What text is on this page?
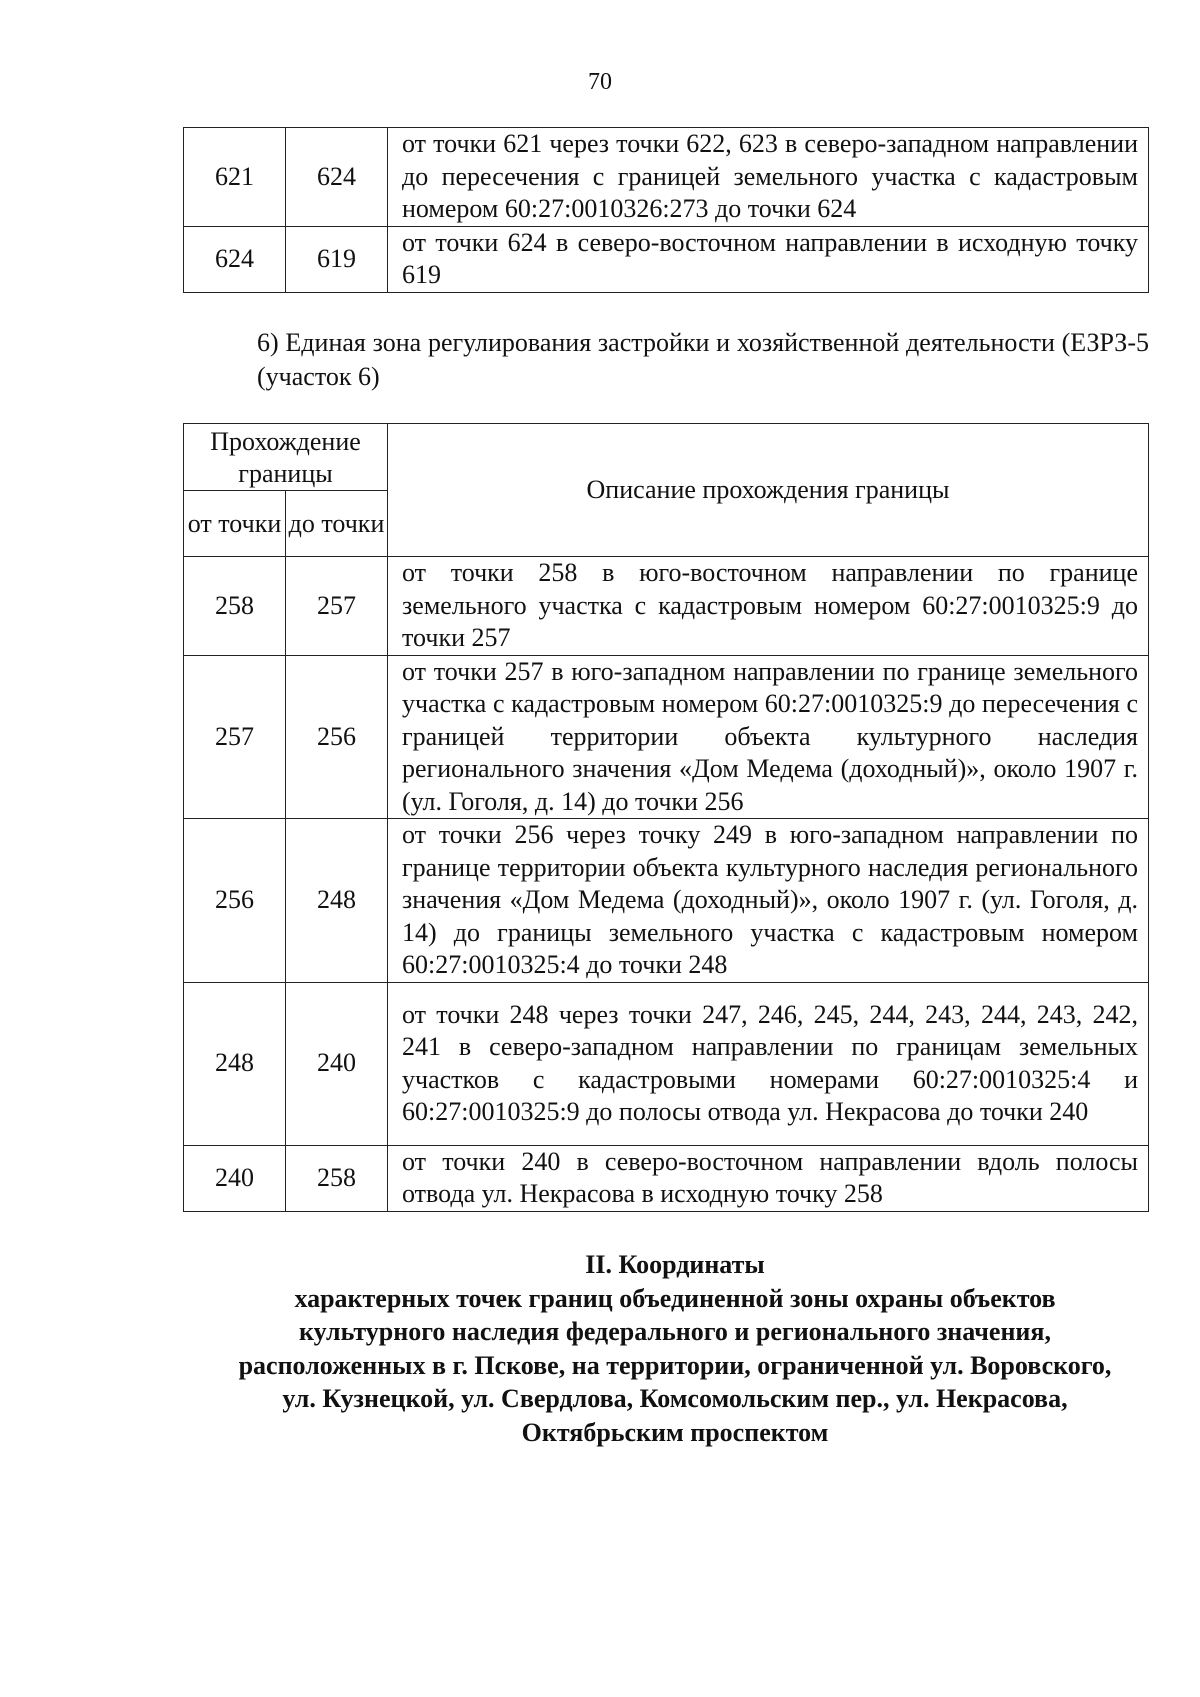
70
621	624	от точки 621 через точки 622, 623 в северо-западном направлении до пересечения с границей земельного участка с кадастровым номером 60:27:0010326:273 до точки 624
624	619	от точки 624 в северо-восточном направлении в исходную точку 619
6) Единая зона регулирования застройки и хозяйственной деятельности (ЕЗРЗ-5 (участок 6)
Прохождение границы		Описание прохождения границы
от точки	до точки	
258	257	от точки 258 в юго-восточном направлении по границе земельного участка с кадастровым номером 60:27:0010325:9 до точки 257
257	256	от точки 257 в юго-западном направлении по границе земельного участка с кадастровым номером 60:27:0010325:9 до пересечения с границей территории объекта культурного наследия регионального значения «Дом Медема (доходный)», около 1907 г. (ул. Гоголя, д. 14) до точки 256
256	248	от точки 256 через точку 249 в юго-западном направлении по границе территории объекта культурного наследия регионального значения «Дом Медема (доходный)», около 1907 г. (ул. Гоголя, д. 14) до границы земельного участка с кадастровым номером 60:27:0010325:4 до точки 248
248	240	от точки 248 через точки 247, 246, 245, 244, 243, 244, 243, 242, 241 в северо-западном направлении по границам земельных участков с кадастровыми номерами 60:27:0010325:4 и 60:27:0010325:9 до полосы отвода ул. Некрасова до точки 240
240	258	от точки 240 в северо-восточном направлении вдоль полосы отвода ул. Некрасова в исходную точку 258
II. Координаты
характерных точек границ объединенной зоны охраны объектов
культурного наследия федерального и регионального значения,
расположенных в г. Пскове, на территории, ограниченной ул. Воровского,
ул. Кузнецкой, ул. Свердлова, Комсомольским пер., ул. Некрасова,
Октябрьским проспектом
